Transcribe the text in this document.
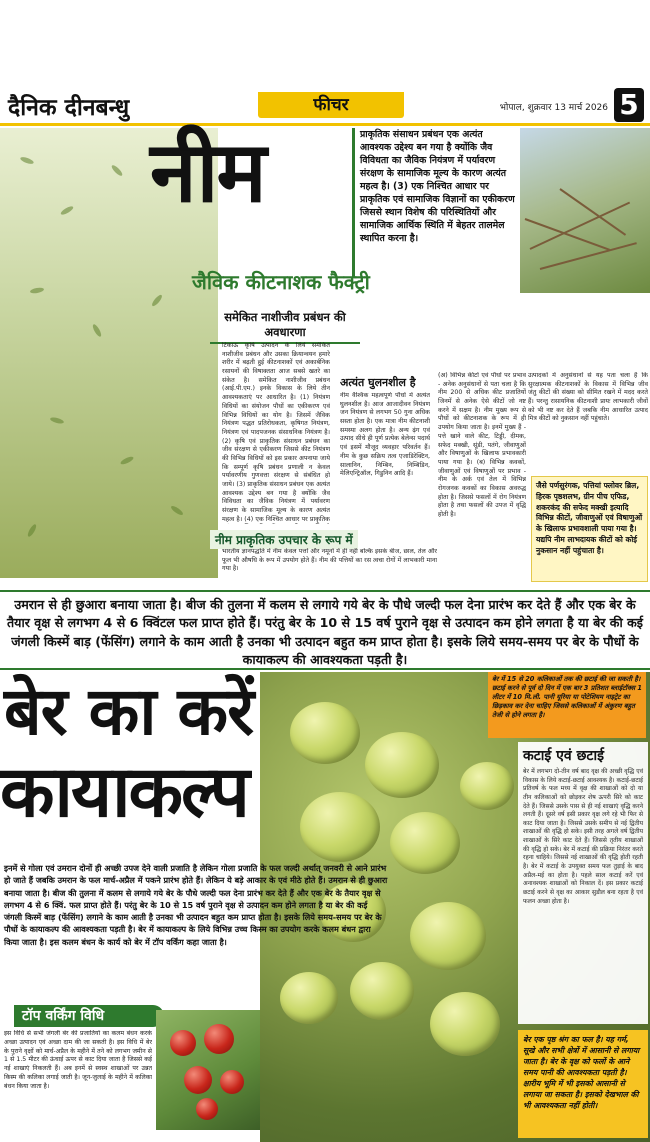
दैनिक दीनबन्धु	फीचर	भोपाल, शुक्रवार 13 मार्च 2026 5
नीम
जैविक कीटनाशक फैक्ट्री
प्राकृतिक संसाधन प्रबंधन एक अत्यंत आवश्यक उद्देश्य बन गया है क्योंकि जैव विविधता का जैविक नियंत्रण में पर्यावरण संरक्षण के सामाजिक मूल्य के कारण अत्यंत महत्व है। (3) एक निश्चित आधार पर प्राकृतिक एवं सामाजिक विज्ञानों का एकीकरण जिससे स्थान विशेष की परिस्थितियों और सामाजिक आर्थिक स्थिति में बेहतर तालमेल स्थापित करना है।
समेकित नाशीजीव प्रबंधन की अवधारणा
टिकाऊ कृषि उत्पादन के लिये समेकित नाशीजीव प्रबंधन और उसका क्रियान्वयन हमारे शरीर में बढ़ती हुई कीटनाशकों एवं अकार्बनिक रसायनों की विषाक्तता आज सबसे खतरे का संकेत है। समेकित नाशीजीव प्रबंधन (आई.पी.एम.) इनके विकास के लिये तीन आवश्यकताएं पर आधारित है। (1) नियंत्रण विधियों का संयोजन पौधों का एकीकरण एवं विभिन्न विधियों का योग है। जिसमें जैविक नियंत्रण पद्धत प्रतिरोधकता, कृषिगत नियंत्रण, नियंत्रण एवं पादपजनक संसाधनिक नियंत्रण है। (2) कृषि एवं प्राकृतिक संसाधन प्रबंधन का जीव संरक्षण से एकीकरण जिससे कीट नियंत्रण की विभिन्न विधियों को इस प्रकार अपनाया जाये कि सम्पूर्ण कृषि प्रबंधन प्रणाली न केवल पर्यावरणीय गुणवत्ता संरक्षण से संबंधित हो जाये। (3) प्राकृतिक संसाधन प्रबंधन एक अत्यंत आवश्यक उद्देश्य बन गया है क्योंकि जैव विविधता का जैविक नियंत्रण में पर्यावरण संरक्षण के सामाजिक मूल्य के कारण अत्यंत महत्व है। (4) एक निश्चित आधार पर प्राकृतिक
अत्यंत घुलनशील है
नीम वैश्विक महत्वपूर्ण पौधों में अत्यंत घुलनशील है। आज आजादीवन नियंत्रण जन नियंत्रण से लगभग 50 गुना अधिक सस्ता होता है। एक मात्रा नीम कीटनाशी समस्या अलग होता है। अन्य ढ़ंग एवं उत्पाद सीधे ही पूर्ण प्रत्येक बेलेन्स पदार्थ एवं इसमें मौजूद व्यवहार परिवर्तन हैं। नीम के कुछ सक्रिय तत्व एजाडिरेक्टिन, सालानिन, निम्बिन, निम्बिडिन, मेलिएन्ट्रिऑल, गिडुनिन आदि हैं।
(अ) विभिन्न कीटों एवं पौधों पर प्रभाव - अनेक अनुसंधानों से पता चला है कि नीम 200 से अधिक कीट प्रजातियों जिनमें से अनेक ऐसे कीटों जो नष्ट करने में सक्षम है। नीम मुख्य रूप से पौधों को कीटनाशक के रूप में ही उपयोग किया जाता है। इनमें मुख्य हैं - पत्ते खाने वाले कीट, टिड्डी, दीमक, सफेद मक्खी, सूंडी, पतंगे, जीवाणुओं और विषाणुओं के खिलाफ प्रभावकारी पाया गया है। (ब) विभिन्न कवकों, जीवाणुओं एवं विषाणुओं पर प्रभाव - नीम के अर्क एवं तेल में विभिन्न रोगजनक कवकों का विकास अवरुद्ध होता है। जिससे फसलों में रोग नियंत्रण होता है तथा फसलों की उपज में वृद्धि होती है।
उत्पादकों में अनुसंधानों से यह पता चला है कि सुरक्षात्मक कीटनाशकों के विकास में विभिन्न जीव जंतु कीटों की संख्या को सीमित रखने में मदद करते हैं। परन्तु रासायनिक कीटनाशी प्रायः लाभकारी जीवों को भी नष्ट कर देते हैं जबकि नीम आधारित उत्पाद मित्र कीटों को नुकसान नहीं पहुंचाते।
जैसे पर्णसुरंगक, पत्तियां फ्लोवर ब्रिल, हिरक पृष्ठशलभ, ग्रीन पीच एफिड, शकरकंद की सफेद मक्खी इत्यादि विभिन्न कीटों, जीवाणुओं एवं विषाणुओं के खिलाफ प्रभावशाली पाया गया है। यद्यपि नीम लाभदायक कीटों को कोई नुकसान नहीं पहुंचाता है।
नीम प्राकृतिक उपचार के रूप में
भारतीय ज्ञानपद्धति में नीम केवल पत्तों और नमूनों में ही नहीं बल्कि इसके बीज, छाल, तेल और फूल भी औषधि के रूप में उपयोग होते हैं। नीम की पत्तियों का रस त्वचा रोगों में लाभकारी माना गया है।
उमरान से ही छुआरा बनाया जाता है। बीज की तुलना में कलम से लगाये गये बेर के पौधे जल्दी फल देना प्रारंभ कर देते हैं और एक बेर के तैयार वृक्ष से लगभग 4 से 6 क्विंटल फल प्राप्त होते हैं। परंतु बेर के 10 से 15 वर्ष पुराने वृक्ष से उत्पादन कम होने लगता है या बेर की कई जंगली किस्में बाड़ (फेंसिंग) लगाने के काम आती है उनका भी उत्पादन बहुत कम प्राप्त होता है। इसके लिये समय-समय पर बेर के पौधों के कायाकल्प की आवश्यकता पड़ती है।
बेर का करें
कायाकल्प
इनमें से गोला एवं उमरान दोनों ही अच्छी उपज देने वाली प्रजाति है लेकिन गोला प्रजाति के फल जल्दी अर्थात् जनवरी से आने प्रारंभ हो जाते हैं जबकि उमरान के फल मार्च-अप्रैल में पकने प्रारंभ होते हैं। लेकिन ये बड़े आकार के एवं मीठे होते हैं। उमरान से ही छुआरा बनाया जाता है। बीज की तुलना में कलम से लगाये गये बेर के पौधे जल्दी फल देना प्रारंभ कर देते हैं और एक बेर के तैयार वृक्ष से लगभग 4 से 6 क्विं. फल प्राप्त होते हैं। परंतु बेर के 10 से 15 वर्ष पुराने वृक्ष से उत्पादन कम होने लगता है या बेर की कई जंगली किस्में बाड़ (फेंसिंग) लगाने के काम आती है उनका भी उत्पादन बहुत कम प्राप्त होता है। इसके लिये समय-समय पर बेर के पौधों के कायाकल्प की आवश्यकता पड़ती है। बेर में कायाकल्प के लिये विभिन्न उच्च किस्म का उपयोग करके कलम बंधन द्वारा किया जाता है। इस कलम बंधन के कार्य को बेर में टॉप वर्किंग कहा जाता है।
बेर में 15 से 20 कलिकाओं तक की छटाई की जा सकती है। छटाई करने से पूर्व दो दिन में एक बार 3 प्रतिशत ब्लाईटॉक्स 1 लीटर में 10 मि.ली. पानी यूरिया या पोटेशियम नाइट्रेट का छिड़काव कर देना चाहिए जिससे कलिकाओं में अंकुरण बहुत तेजी से होने लगता है।
कटाई एवं छटाई
बेर में लगभग दो-तीन वर्ष बाद वृक्ष की अच्छी वृद्धि एवं विकास के लिये कटाई-छटाई आवश्यक है। कटाई-छटाई प्रतिवर्ष के फल मध्य में वृक्ष की शाखाओं को दो या तीन कलिकाओं को छोड़कर शेष ऊपरी सिरे को काट देते हैं। जिससे उसके पास से ही नई शाखाएं वृद्धि करने लगती हैं। दूसरे वर्ष इसी प्रकार वृक्ष लगे रहे भी फिर से काट दिया जाता है। जिससे उसके समीप से नई द्वितीय शाखाओं की वृद्धि हो सके। इसी तरह अगले वर्ष द्वितीय शाखाओं के सिरे काट देते हैं। जिससे तृतीय शाखाओं की वृद्धि हो सके। बेर में कटाई की प्रक्रिया निरंतर करते रहना चाहिये। जिससे नई शाखाओं की वृद्धि होती रहती है। बेर में कटाई के उपयुक्त समय फल तुड़ाई के बाद अप्रैल-मई का होता है। पहले साल कटाई करें एवं अनावश्यक शाखाओं को निकाल दें। इस प्रकार कटाई छटाई करने से वृक्ष का आकार सुडौल बना रहता है एवं फलन अच्छा होता है।
टॉप वर्किंग विधि
इस विधि से सभी जंगली बेर की प्रजातियों का कलम बंधन करके अच्छा उत्पादन एवं अच्छा दाम की जा सकती है। इस विधि में बेर के पुराने वृक्षों को मार्च-अप्रैल के महीने में तने को लगभग जमीन से 1 से 1.5 मीटर की ऊंचाई ऊपर से काट दिया जाता है जिससे कई नई शाखाएं निकलती हैं। अब इनमें से स्वस्थ शाखाओं पर उन्नत किस्म की कलिका लगाई जाती है। जून-जुलाई के महीने में कलिका बंधन किया जाता है।
बेर एक पृष्ठ श्रंग का फल है। यह गर्म, सूखे और सभी क्षेत्रों में आसानी से लगाया जाता है। बेर के वृक्ष को फलों के आने समय पानी की आवश्यकता पड़ती है। क्षारीय भूमि में भी इसको आसानी से लगाया जा सकता है। इसको देखभाल की भी आवश्यकता नहीं होती।
